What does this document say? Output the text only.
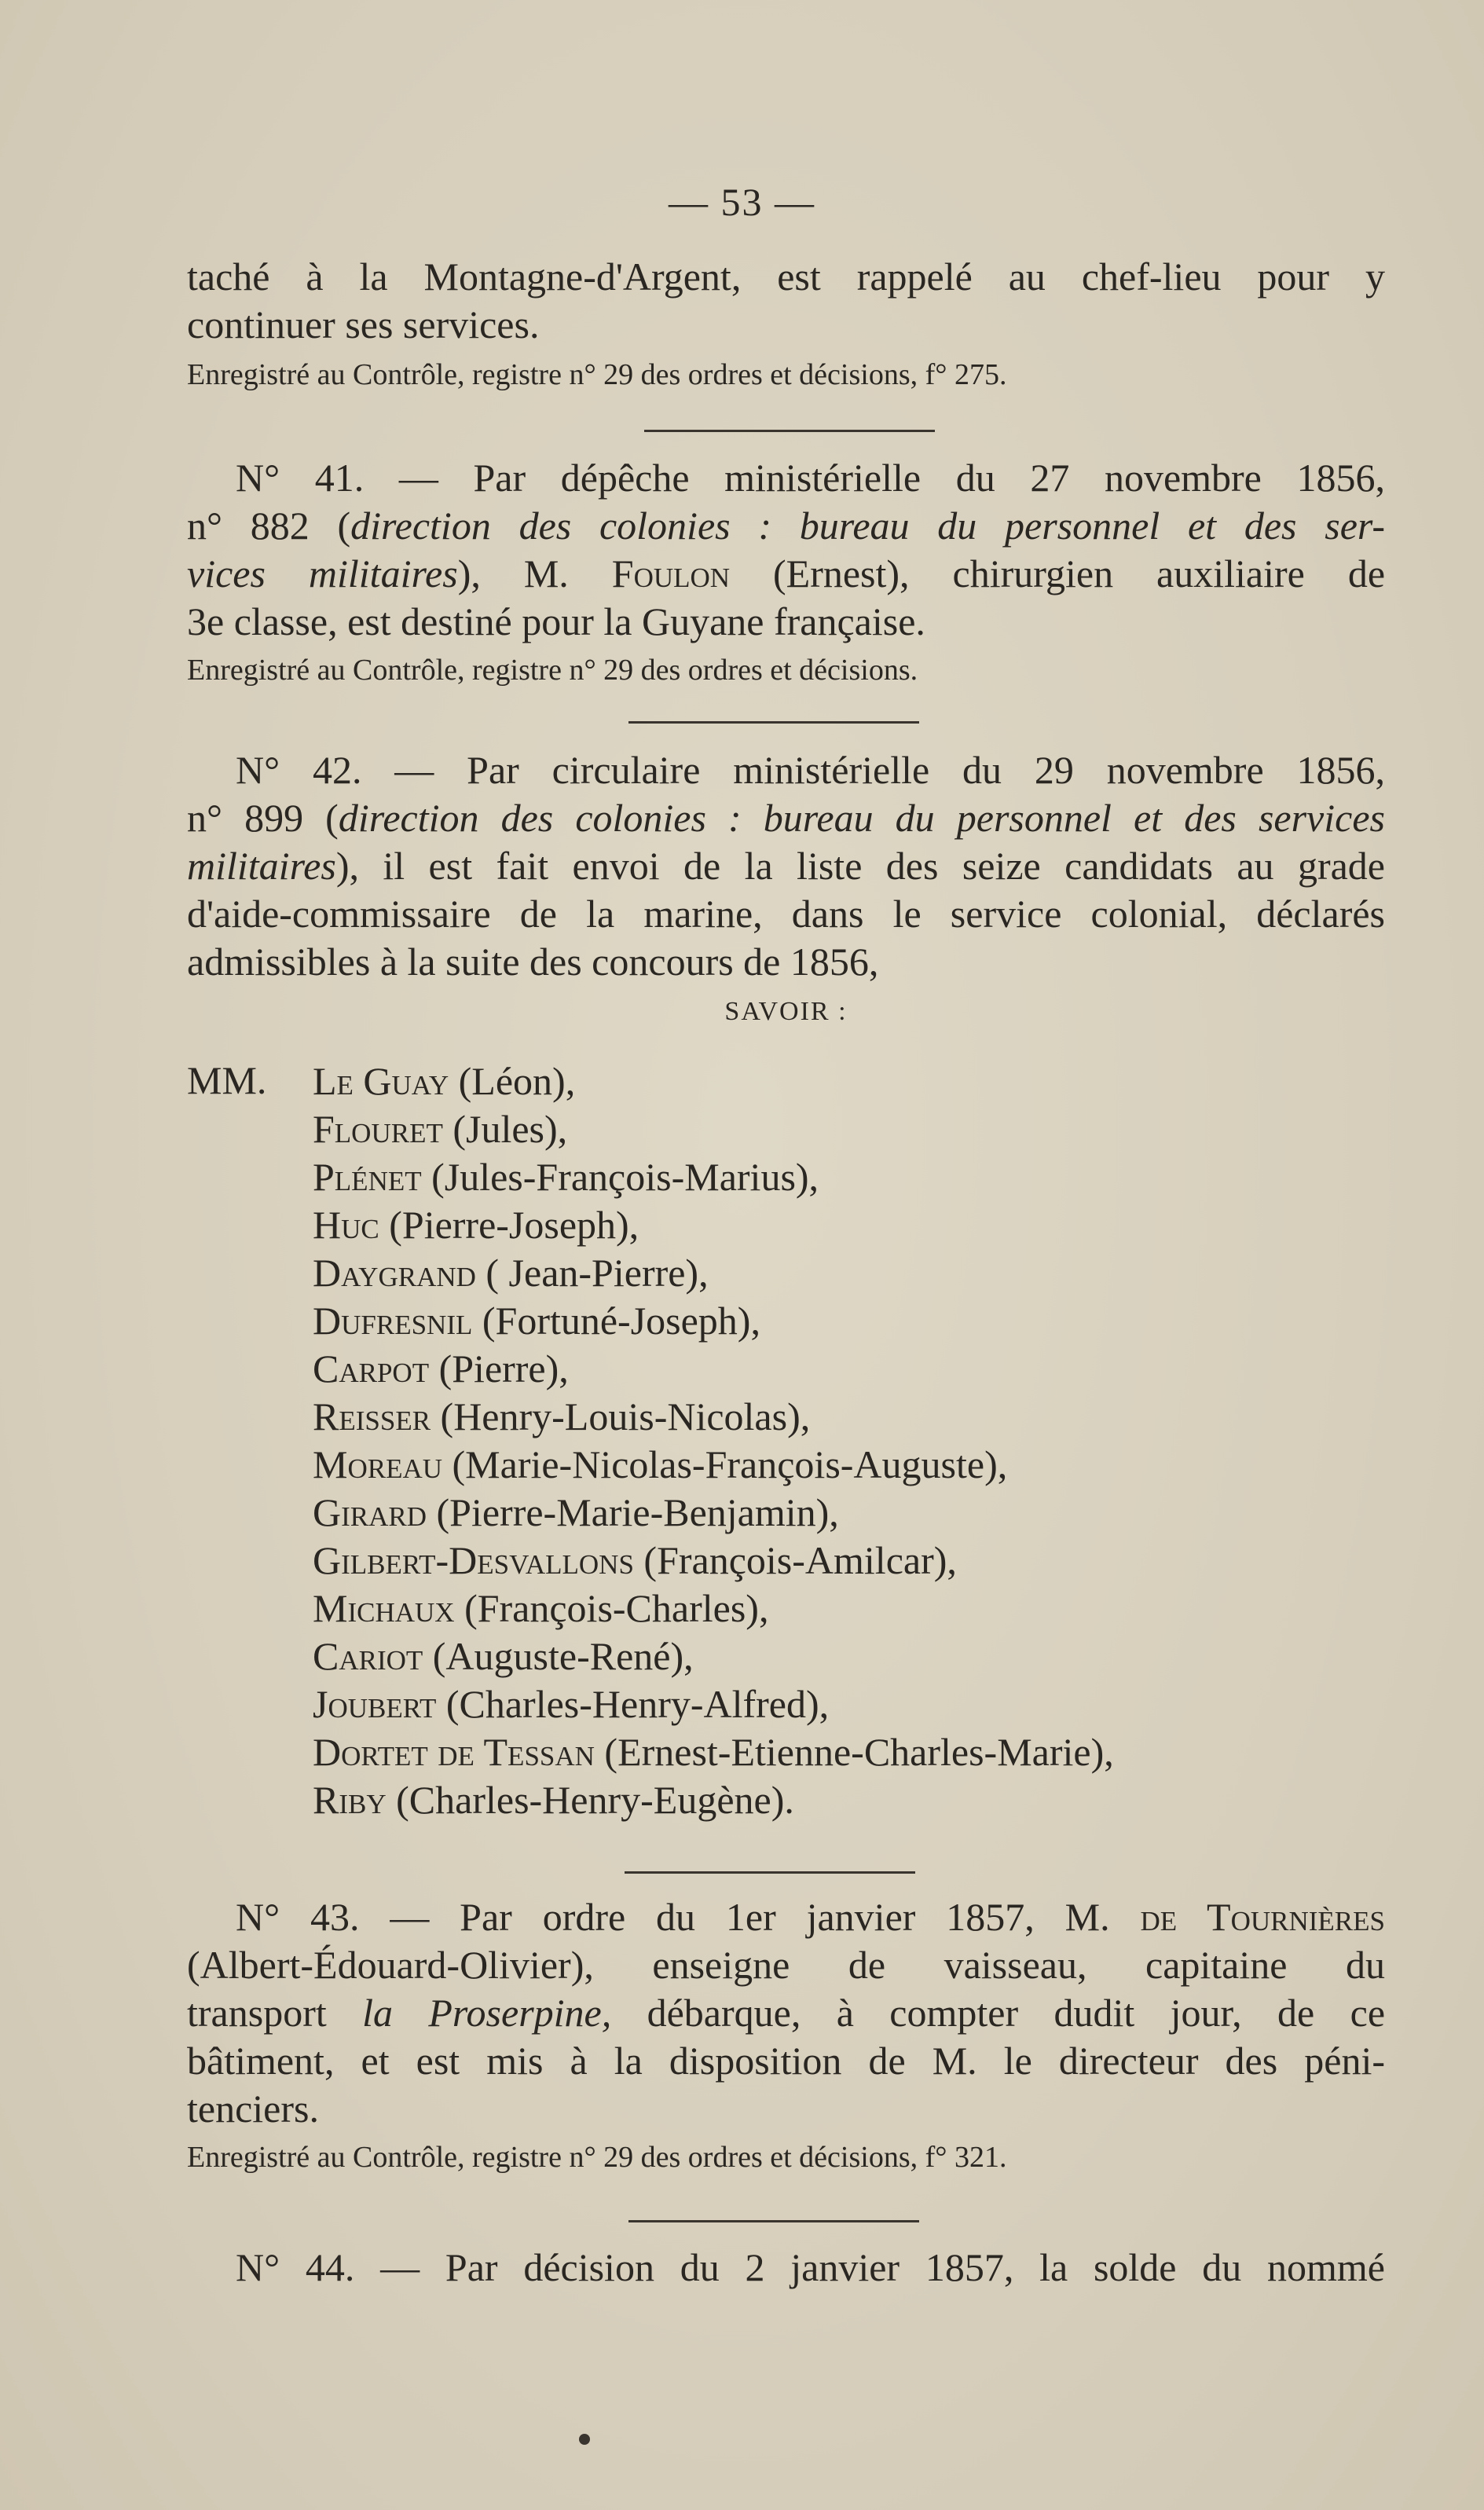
— 53 —

taché à la Montagne-d'Argent, est rappelé au chef-lieu pour y
continuer ses services.

Enregistré au Contrôle, registre n° 29 des ordres et décisions, f° 275.

N° 41. — Par dépêche ministérielle du 27 novembre 1856,
n° 882 (direction des colonies : bureau du personnel et des ser-
vices militaires), M. Foulon (Ernest), chirurgien auxiliaire de
3e classe, est destiné pour la Guyane française.

Enregistré au Contrôle, registre n° 29 des ordres et décisions.

N° 42. — Par circulaire ministérielle du 29 novembre 1856,
n° 899 (direction des colonies : bureau du personnel et des services
militaires), il est fait envoi de la liste des seize candidats au grade
d'aide-commissaire de la marine, dans le service colonial, déclarés
admissibles à la suite des concours de 1856,

SAVOIR :

MM. Le Guay (Léon),
Flouret (Jules),
Plénet (Jules-François-Marius),
Huc (Pierre-Joseph),
Daygrand ( Jean-Pierre),
Dufresnil (Fortuné-Joseph),
Carpot (Pierre),
Reisser (Henry-Louis-Nicolas),
Moreau (Marie-Nicolas-François-Auguste),
Girard (Pierre-Marie-Benjamin),
Gilbert-Desvallons (François-Amilcar),
Michaux (François-Charles),
Cariot (Auguste-René),
Joubert (Charles-Henry-Alfred),
Dortet de Tessan (Ernest-Etienne-Charles-Marie),
Riby (Charles-Henry-Eugène).

N° 43. — Par ordre du 1er janvier 1857, M. de Tournières
(Albert-Édouard-Olivier), enseigne de vaisseau, capitaine du
transport la Proserpine, débarque, à compter dudit jour, de ce
bâtiment, et est mis à la disposition de M. le directeur des péni-
tenciers.

Enregistré au Contrôle, registre n° 29 des ordres et décisions, f° 321.

N° 44. — Par décision du 2 janvier 1857, la solde du nommé
